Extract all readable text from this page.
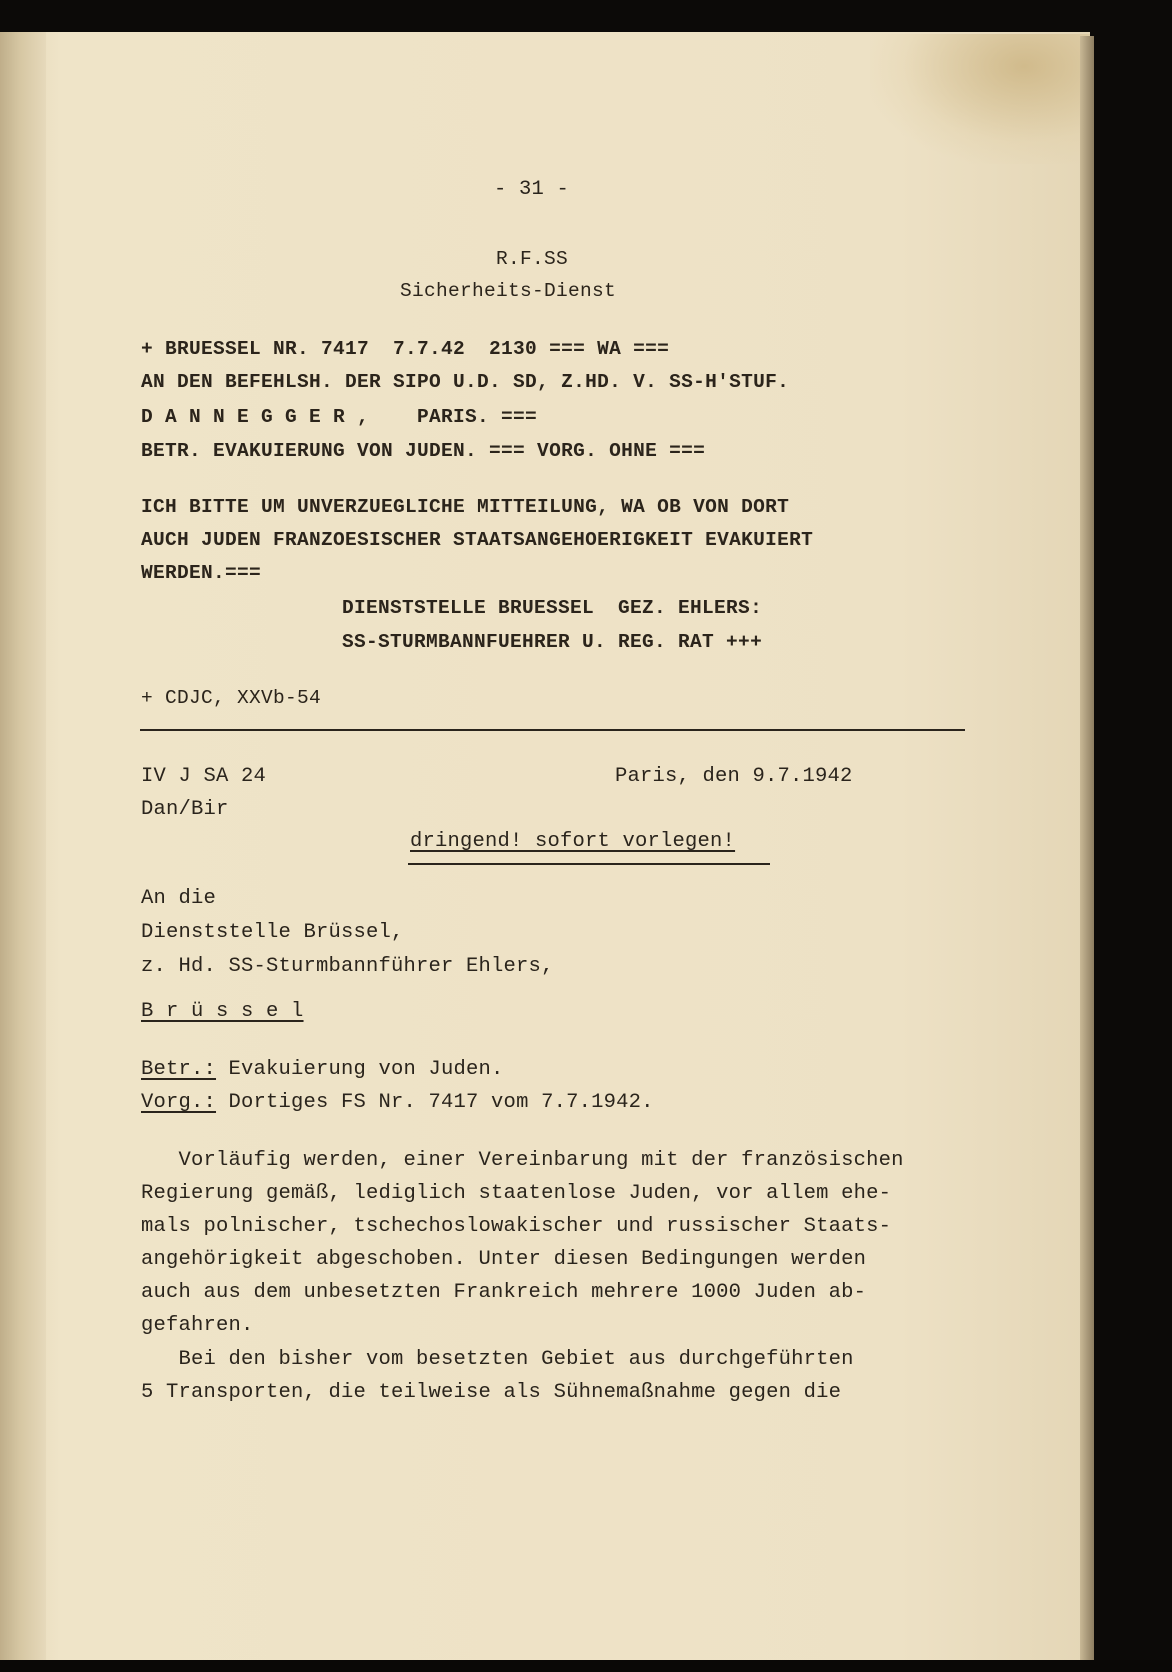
- 31 -
R.F.SS
Sicherheits-Dienst
+ BRUESSEL NR. 7417  7.7.42  2130 === WA ===
AN DEN BEFEHLSH. DER SIPO U.D. SD, Z.HD. V. SS-H'STUF.
D A N N E G G E R ,    PARIS. ===
BETR. EVAKUIERUNG VON JUDEN. === VORG. OHNE ===
ICH BITTE UM UNVERZUEGLICHE MITTEILUNG, WA OB VON DORT
AUCH JUDEN FRANZOESISCHER STAATSANGEHOERIGKEIT EVAKUIERT
WERDEN.===
DIENSTSTELLE BRUESSEL  GEZ. EHLERS:
SS-STURMBANNFUEHRER U. REG. RAT +++
+ CDJC, XXVb-54
IV J SA 24
Dan/Bir
Paris, den 9.7.1942
dringend! sofort vorlegen!
An die
Dienststelle Brüssel,
z. Hd. SS-Sturmbannführer Ehlers,
B r ü s s e l
Betr.: Evakuierung von Juden.
Vorg.: Dortiges FS Nr. 7417 vom 7.7.1942.
Vorläufig werden, einer Vereinbarung mit der französischen
Regierung gemäß, lediglich staatenlose Juden, vor allem ehe-
mals polnischer, tschechoslowakischer und russischer Staats-
angehörigkeit abgeschoben. Unter diesen Bedingungen werden
auch aus dem unbesetzten Frankreich mehrere 1000 Juden ab-
gefahren.
Bei den bisher vom besetzten Gebiet aus durchgeführten
5 Transporten, die teilweise als Sühnemaßnahme gegen die
